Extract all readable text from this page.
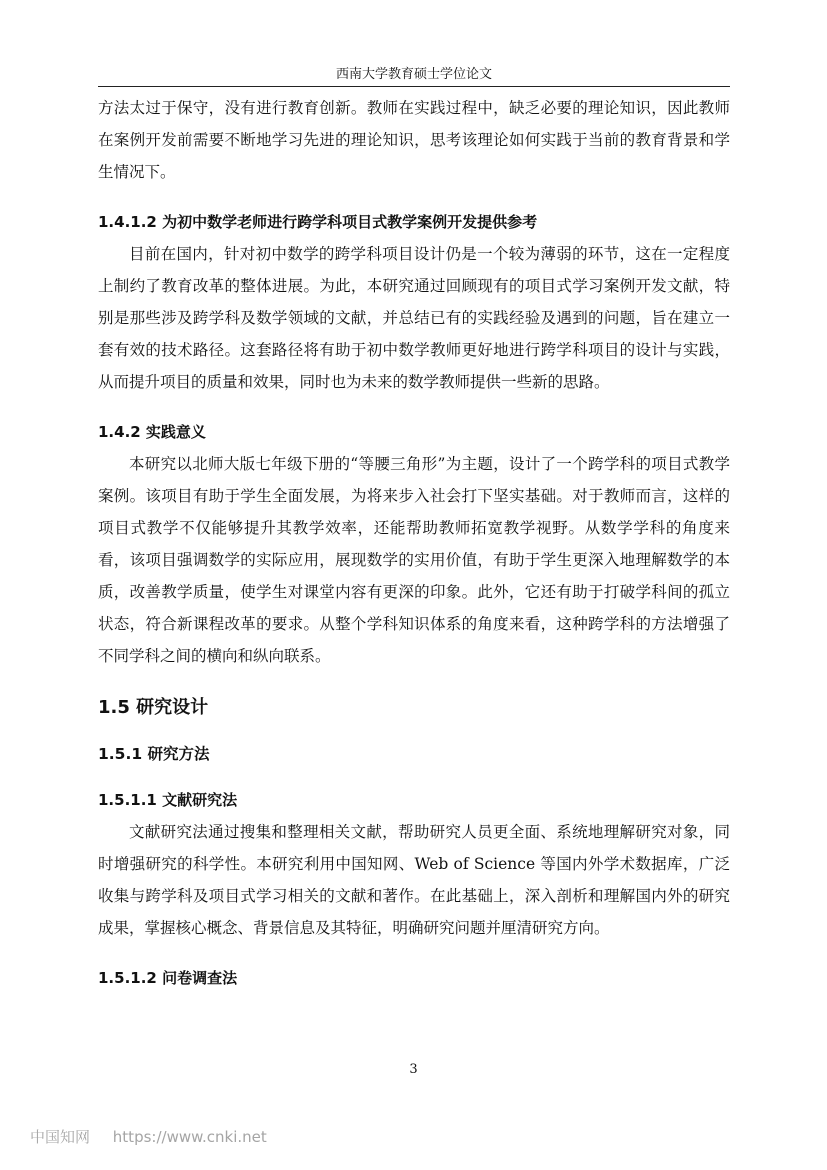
西南大学教育硕士学位论文

方法太过于保守，没有进行教育创新。教师在实践过程中，缺乏必要的理论知识，因此教师在案例开发前需要不断地学习先进的理论知识，思考该理论如何实践于当前的教育背景和学生情况下。

1.4.1.2 为初中数学老师进行跨学科项目式教学案例开发提供参考

目前在国内，针对初中数学的跨学科项目设计仍是一个较为薄弱的环节，这在一定程度上制约了教育改革的整体进展。为此，本研究通过回顾现有的项目式学习案例开发文献，特别是那些涉及跨学科及数学领域的文献，并总结已有的实践经验及遇到的问题，旨在建立一套有效的技术路径。这套路径将有助于初中数学教师更好地进行跨学科项目的设计与实践，从而提升项目的质量和效果，同时也为未来的数学教师提供一些新的思路。

1.4.2 实践意义

本研究以北师大版七年级下册的“等腰三角形”为主题，设计了一个跨学科的项目式教学案例。该项目有助于学生全面发展，为将来步入社会打下坚实基础。对于教师而言，这样的项目式教学不仅能够提升其教学效率，还能帮助教师拓宽教学视野。从数学学科的角度来看，该项目强调数学的实际应用，展现数学的实用价值，有助于学生更深入地理解数学的本质，改善教学质量，使学生对课堂内容有更深的印象。此外，它还有助于打破学科间的孤立状态，符合新课程改革的要求。从整个学科知识体系的角度来看，这种跨学科的方法增强了不同学科之间的横向和纵向联系。

1.5 研究设计

1.5.1 研究方法

1.5.1.1 文献研究法

文献研究法通过搜集和整理相关文献，帮助研究人员更全面、系统地理解研究对象，同时增强研究的科学性。本研究利用中国知网、Web of Science 等国内外学术数据库，广泛收集与跨学科及项目式学习相关的文献和著作。在此基础上，深入剖析和理解国内外的研究成果，掌握核心概念、背景信息及其特征，明确研究问题并厘清研究方向。

1.5.1.2 问卷调查法

3
中国知网 https://www.cnki.net
